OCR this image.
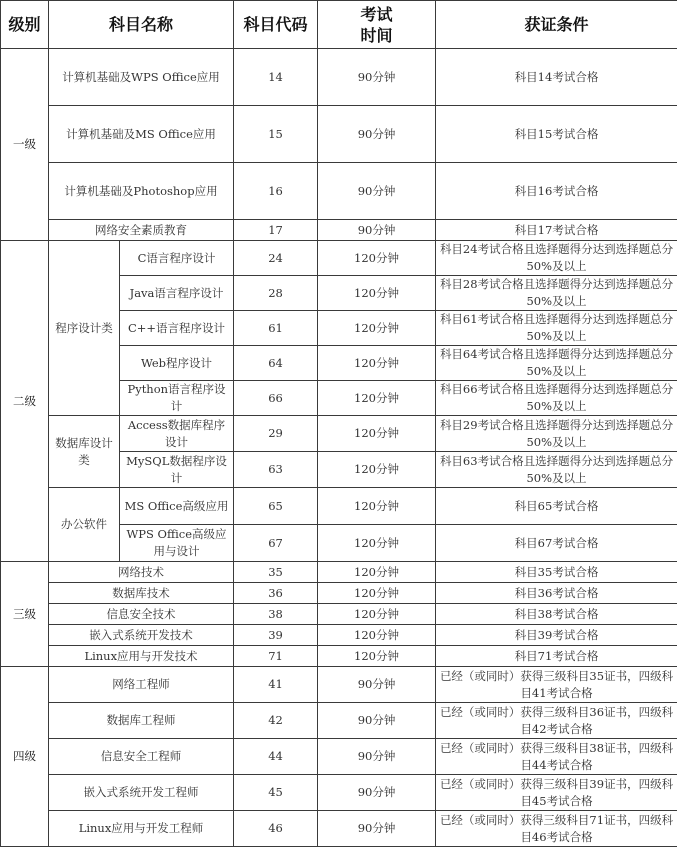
级别	科目名称		科目代码	考试时间	获证条件
一级	计算机基础及WPS Office应用		14	90分钟	科目14考试合格
	计算机基础及MS Office应用		15	90分钟	科目15考试合格
	计算机基础及Photoshop应用		16	90分钟	科目16考试合格
	网络安全素质教育		17	90分钟	科目17考试合格
二级	程序设计类	C语言程序设计	24	120分钟	科目24考试合格且选择题得分达到选择题总分50%及以上
		Java语言程序设计	28	120分钟	科目28考试合格且选择题得分达到选择题总分50%及以上
		C++语言程序设计	61	120分钟	科目61考试合格且选择题得分达到选择题总分50%及以上
		Web程序设计	64	120分钟	科目64考试合格且选择题得分达到选择题总分50%及以上
		Python语言程序设计	66	120分钟	科目66考试合格且选择题得分达到选择题总分50%及以上
	数据库设计类	Access数据库程序设计	29	120分钟	科目29考试合格且选择题得分达到选择题总分50%及以上
		MySQL数据程序设计	63	120分钟	科目63考试合格且选择题得分达到选择题总分50%及以上
	办公软件	MS Office高级应用	65	120分钟	科目65考试合格
		WPS Office高级应用与设计	67	120分钟	科目67考试合格
三级	网络技术		35	120分钟	科目35考试合格
	数据库技术		36	120分钟	科目36考试合格
	信息安全技术		38	120分钟	科目38考试合格
	嵌入式系统开发技术		39	120分钟	科目39考试合格
	Linux应用与开发技术		71	120分钟	科目71考试合格
四级	网络工程师		41	90分钟	已经（或同时）获得三级科目35证书，四级科目41考试合格
	数据库工程师		42	90分钟	已经（或同时）获得三级科目36证书，四级科目42考试合格
	信息安全工程师		44	90分钟	已经（或同时）获得三级科目38证书，四级科目44考试合格
	嵌入式系统开发工程师		45	90分钟	已经（或同时）获得三级科目39证书，四级科目45考试合格
	Linux应用与开发工程师		46	90分钟	已经（或同时）获得三级科目71证书，四级科目46考试合格
